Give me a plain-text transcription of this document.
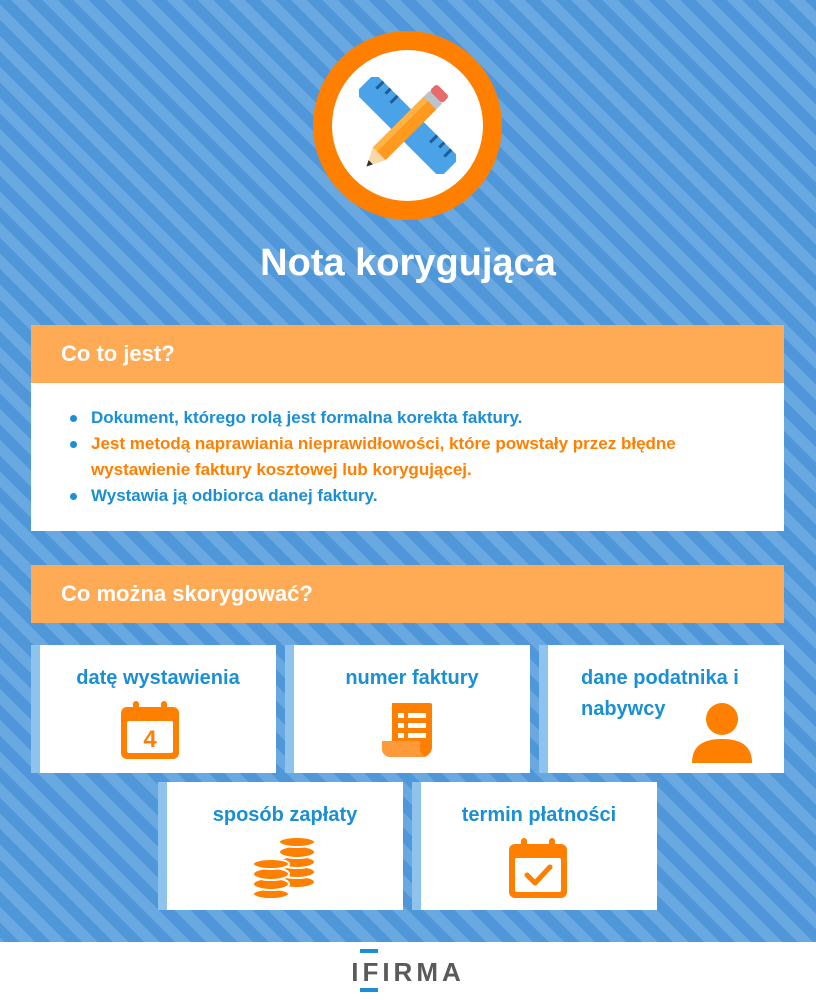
Nota korygująca
Co to jest?
Dokument, którego rolą jest formalna korekta faktury.
Jest metodą naprawiania nieprawidłowości, które powstały przez błędne wystawienie faktury kosztowej lub korygującej.
Wystawia ją odbiorca danej faktury.
Co można skorygować?
datę wystawienia
4
numer faktury	dane podatnika i nabywcy
sposób zapłaty	termin płatności
IFIRMA
